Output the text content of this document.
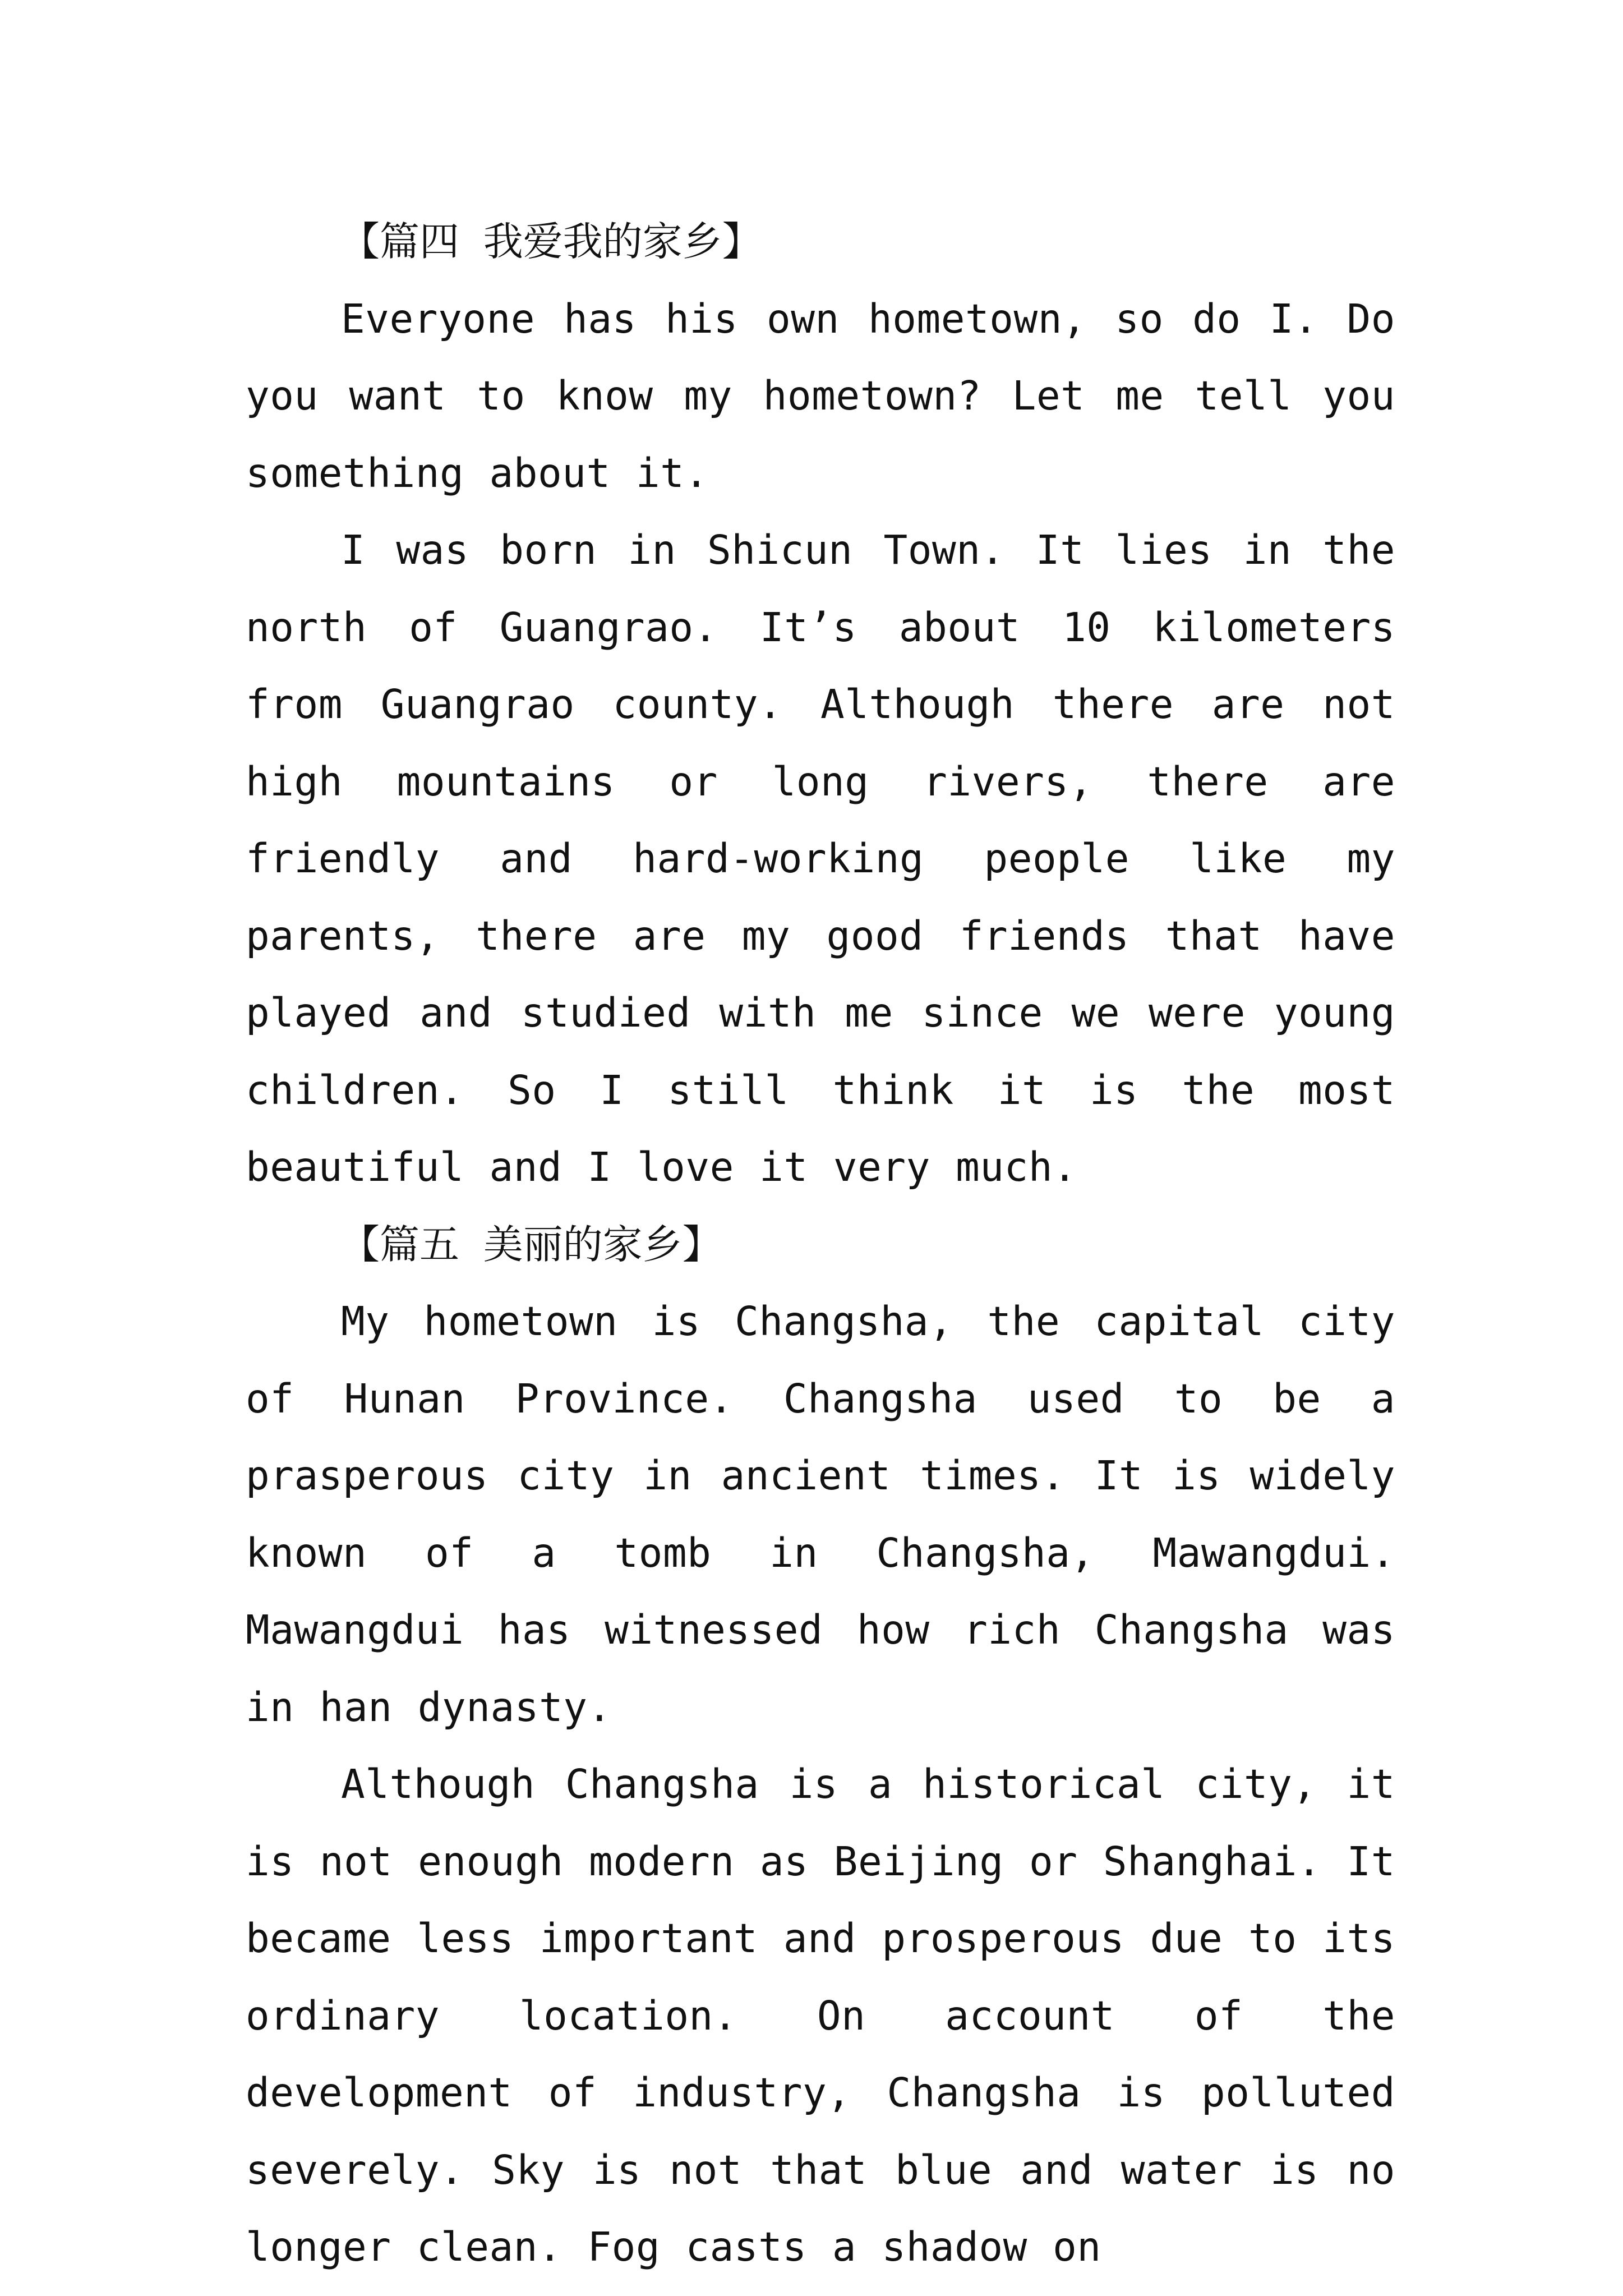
【篇四 我爱我的家乡】

Everyone has his own hometown, so do I. Do you want to know my hometown? Let me tell you something about it.

I was born in Shicun Town. It lies in the north of Guangrao. It’s about 10 kilometers from Guangrao county. Although there are not high mountains or long rivers, there are friendly and hard-working people like my parents, there are my good friends that have played and studied with me since we were young children. So I still think it is the most beautiful and I love it very much.

【篇五 美丽的家乡】

My hometown is Changsha, the capital city of Hunan Province. Changsha used to be a prasperous city in ancient times. It is widely known of a tomb in Changsha, Mawangdui. Mawangdui has witnessed how rich Changsha was in han dynasty.

Although Changsha is a historical city, it is not enough modern as Beijing or Shanghai. It became less important and prosperous due to its ordinary location. On account of the development of industry, Changsha is polluted severely. Sky is not that blue and water is no longer clean. Fog casts a shadow on
